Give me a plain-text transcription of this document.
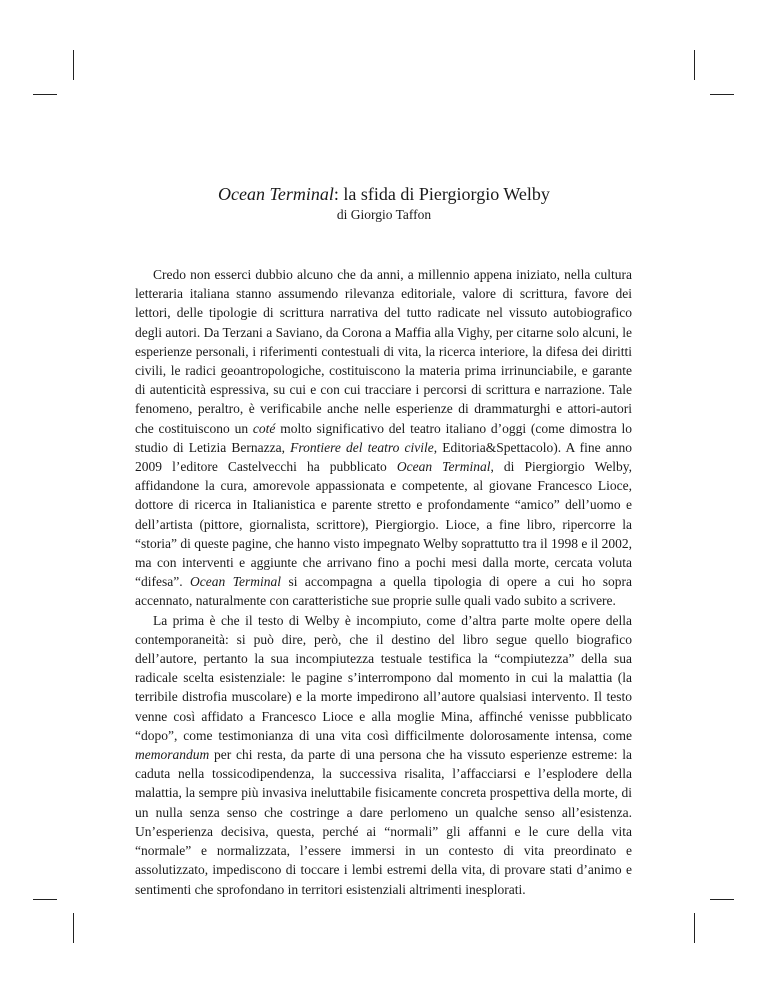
Ocean Terminal: la sfida di Piergiorgio Welby
di Giorgio Taffon

Credo non esserci dubbio alcuno che da anni, a millennio appena iniziato, nella cultura letteraria italiana stanno assumendo rilevanza editoriale, valore di scrittura, favore dei lettori, delle tipologie di scrittura narrativa del tutto radicate nel vissuto autobiografico degli autori. Da Terzani a Saviano, da Corona a Maffia alla Vighy, per citarne solo alcuni, le esperienze personali, i riferimenti contestuali di vita, la ricerca interiore, la difesa dei diritti civili, le radici geoantropologiche, costituiscono la materia prima irrinunciabile, e garante di autenticità espressiva, su cui e con cui tracciare i percorsi di scrittura e narrazione. Tale fenomeno, peraltro, è verificabile anche nelle esperienze di drammaturghi e attori-autori che costituiscono un coté molto significativo del teatro italiano d’oggi (come dimostra lo studio di Letizia Bernazza, Frontiere del teatro civile, Editoria&Spettacolo). A fine anno 2009 l’editore Castelvecchi ha pubblicato Ocean Terminal, di Piergiorgio Welby, affidandone la cura, amorevole appassionata e competente, al giovane Francesco Lioce, dottore di ricerca in Italianistica e parente stretto e profondamente “amico” dell’uomo e dell’artista (pittore, giornalista, scrittore), Piergiorgio. Lioce, a fine libro, ripercorre la “storia” di queste pagine, che hanno visto impegnato Welby soprattutto tra il 1998 e il 2002, ma con interventi e aggiunte che arrivano fino a pochi mesi dalla morte, cercata voluta “difesa”. Ocean Terminal si accompagna a quella tipologia di opere a cui ho sopra accennato, naturalmente con caratteristiche sue proprie sulle quali vado subito a scrivere.

La prima è che il testo di Welby è incompiuto, come d’altra parte molte opere della contemporaneità: si può dire, però, che il destino del libro segue quello biografico dell’autore, pertanto la sua incompiutezza testuale testifica la “compiutezza” della sua radicale scelta esistenziale: le pagine s’interrompono dal momento in cui la malattia (la terribile distrofia muscolare) e la morte impedirono all’autore qualsiasi intervento. Il testo venne così affidato a Francesco Lioce e alla moglie Mina, affinché venisse pubblicato “dopo”, come testimonianza di una vita così difficilmente dolorosamente intensa, come memorandum per chi resta, da parte di una persona che ha vissuto esperienze estreme: la caduta nella tossicodipendenza, la successiva risalita, l’affacciarsi e l’esplodere della malattia, la sempre più invasiva ineluttabile fisicamente concreta prospettiva della morte, di un nulla senza senso che costringe a dare perlomeno un qualche senso all’esistenza. Un’esperienza decisiva, questa, perché ai “normali” gli affanni e le cure della vita “normale” e normalizzata, l’essere immersi in un contesto di vita preordinato e assolutizzato, impediscono di toccare i lembi estremi della vita, di provare stati d’animo e sentimenti che sprofondano in territori esistenziali altrimenti inesplorati.
